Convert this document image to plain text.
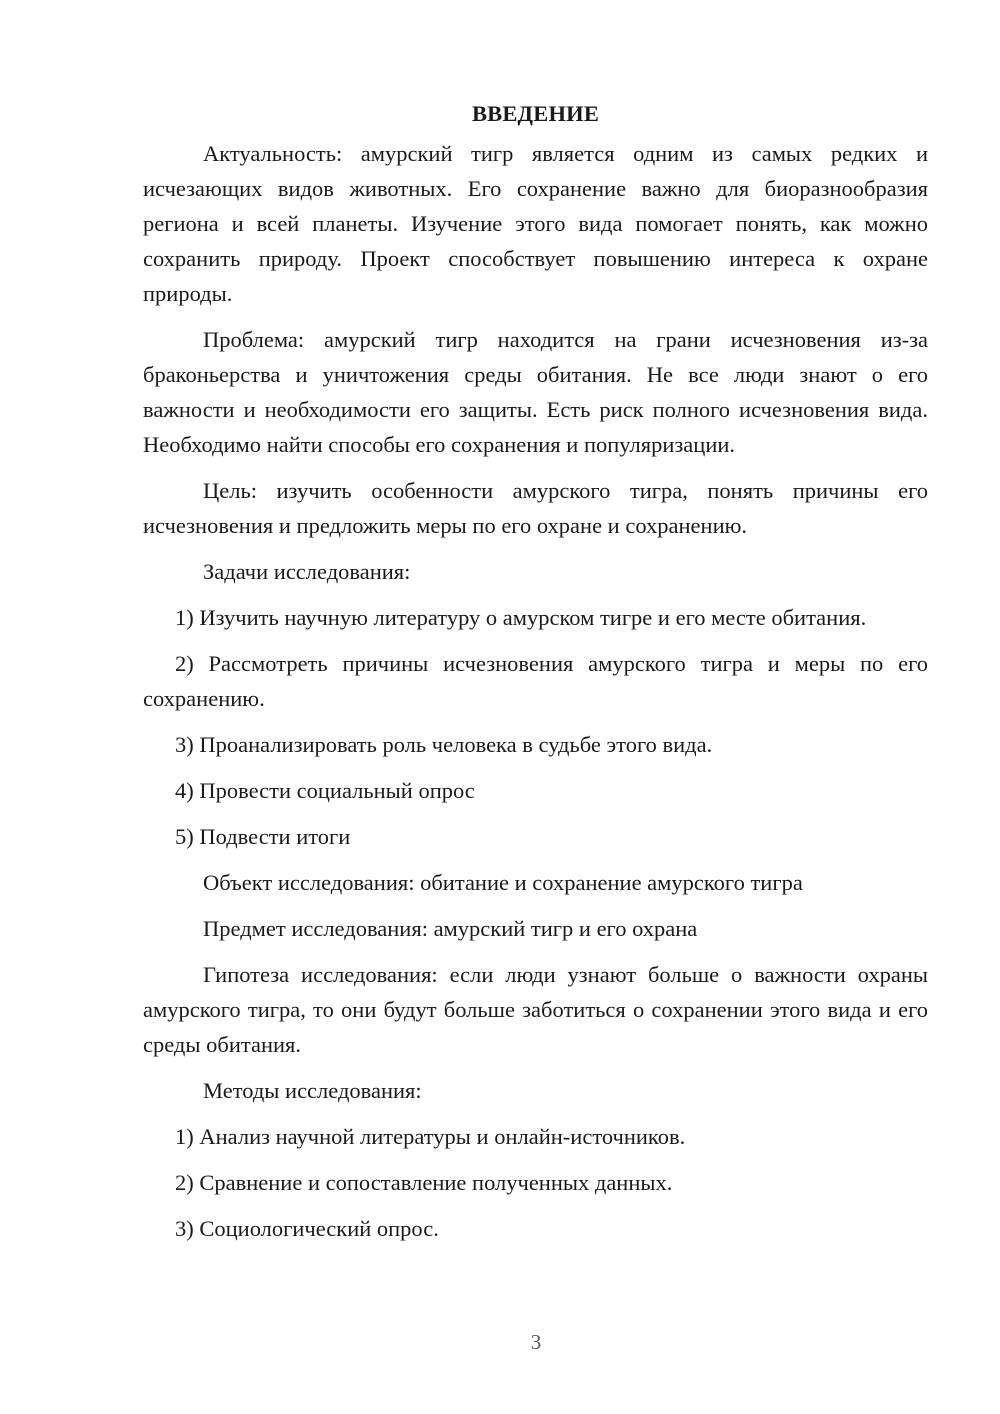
ВВЕДЕНИЕ

Актуальность: амурский тигр является одним из самых редких и исчезающих видов животных. Его сохранение важно для биоразнообразия региона и всей планеты. Изучение этого вида помогает понять, как можно сохранить природу. Проект способствует повышению интереса к охране природы.

Проблема: амурский тигр находится на грани исчезновения из-за браконьерства и уничтожения среды обитания. Не все люди знают о его важности и необходимости его защиты. Есть риск полного исчезновения вида. Необходимо найти способы его сохранения и популяризации.

Цель: изучить особенности амурского тигра, понять причины его исчезновения и предложить меры по его охране и сохранению.

Задачи исследования:

1) Изучить научную литературу о амурском тигре и его месте обитания.

2) Рассмотреть причины исчезновения амурского тигра и меры по его сохранению.

3) Проанализировать роль человека в судьбе этого вида.

4) Провести социальный опрос

5) Подвести итоги

Объект исследования: обитание и сохранение амурского тигра

Предмет исследования: амурский тигр и его охрана

Гипотеза исследования: если люди узнают больше о важности охраны амурского тигра, то они будут больше заботиться о сохранении этого вида и его среды обитания.

Методы исследования:

1) Анализ научной литературы и онлайн-источников.

2) Сравнение и сопоставление полученных данных.

3) Социологический опрос.

3
